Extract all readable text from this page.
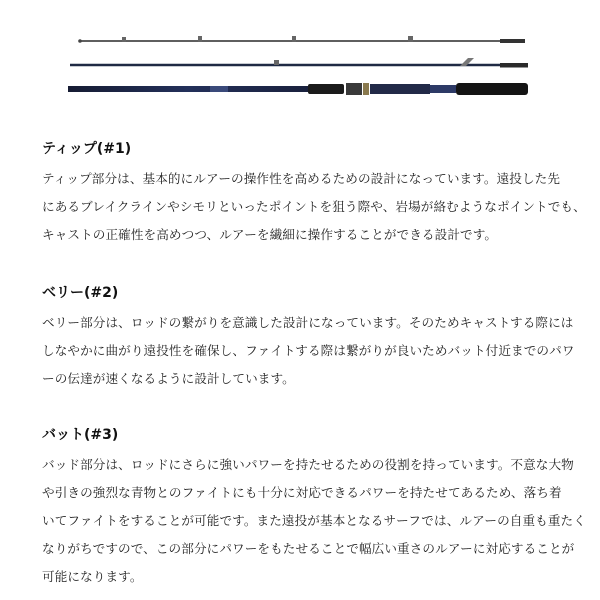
ティップ(#1)
ティップ部分は、基本的にルアーの操作性を高めるための設計になっています。遠投した先
にあるブレイクラインやシモリといったポイントを狙う際や、岩場が絡むようなポイントでも、
キャストの正確性を高めつつ、ルアーを繊細に操作することができる設計です。
ベリー(#2)
ベリー部分は、ロッドの繋がりを意識した設計になっています。そのためキャストする際には
しなやかに曲がり遠投性を確保し、ファイトする際は繋がりが良いためバット付近までのパワ
ーの伝達が速くなるように設計しています。
バット(#3)
バッド部分は、ロッドにさらに強いパワーを持たせるための役割を持っています。不意な大物
や引きの強烈な青物とのファイトにも十分に対応できるパワーを持たせてあるため、落ち着
いてファイトをすることが可能です。また遠投が基本となるサーフでは、ルアーの自重も重たく
なりがちですので、この部分にパワーをもたせることで幅広い重さのルアーに対応することが
可能になります。
